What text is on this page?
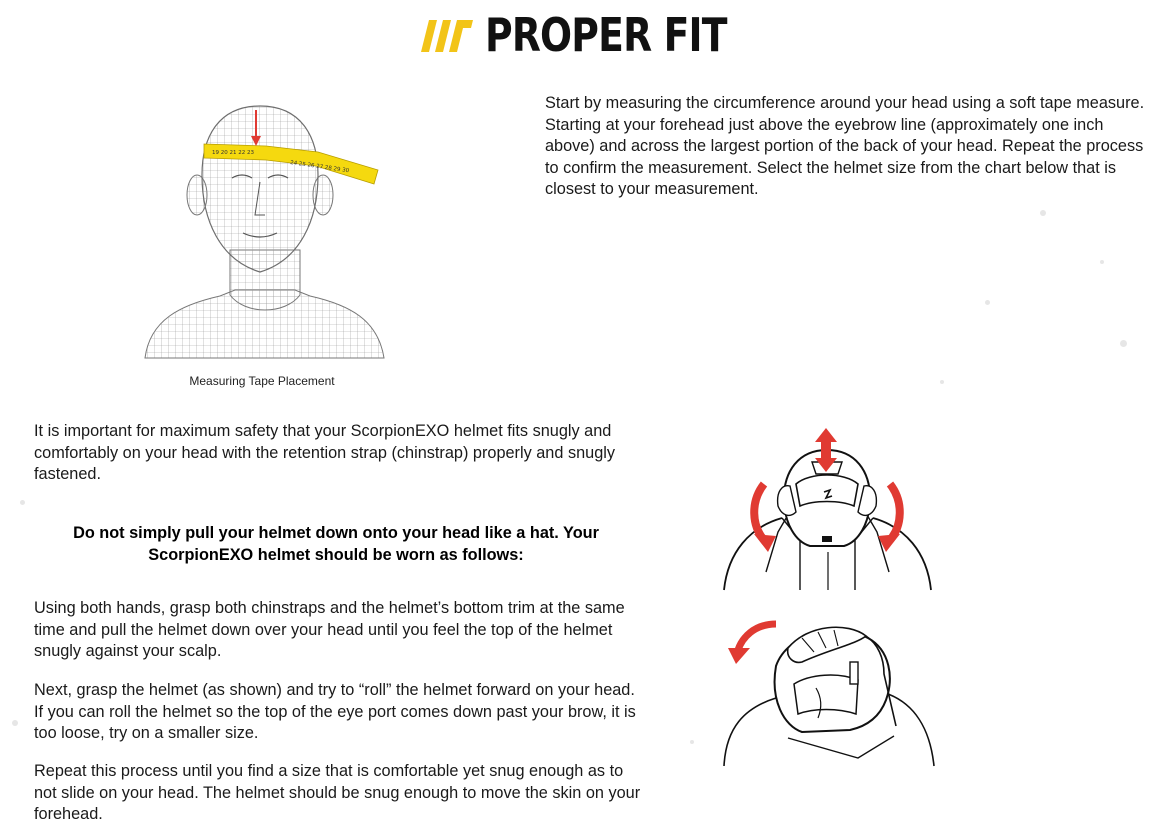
PROPER FIT
19 20 21 22 23
24 25 26 27 28 29 30
Measuring Tape Placement

Start by measuring the circumference around your head using a soft tape measure. Starting at your forehead just above the eyebrow line (approximately one inch above) and across the largest portion of the back of your head. Repeat the process to confirm the measurement. Select the helmet size from the chart below that is closest to your measurement.

It is important for maximum safety that your ScorpionEXO helmet fits snugly and comfortably on your head with the retention strap (chinstrap) properly and snugly fastened.

Do not simply pull your helmet down onto your head like a hat. Your ScorpionEXO helmet should be worn as follows:

Using both hands, grasp both chinstraps and the helmet’s bottom trim at the same time and pull the helmet down over your head until you feel the top of the helmet snugly against your scalp.

Next, grasp the helmet (as shown) and try to “roll” the helmet forward on your head. If you can roll the helmet so the top of the eye port comes down past your brow, it is too loose, try on a smaller size.

Repeat this process until you find a size that is comfortable yet snug enough as to not slide on your head. The helmet should be snug enough to move the skin on your forehead.
